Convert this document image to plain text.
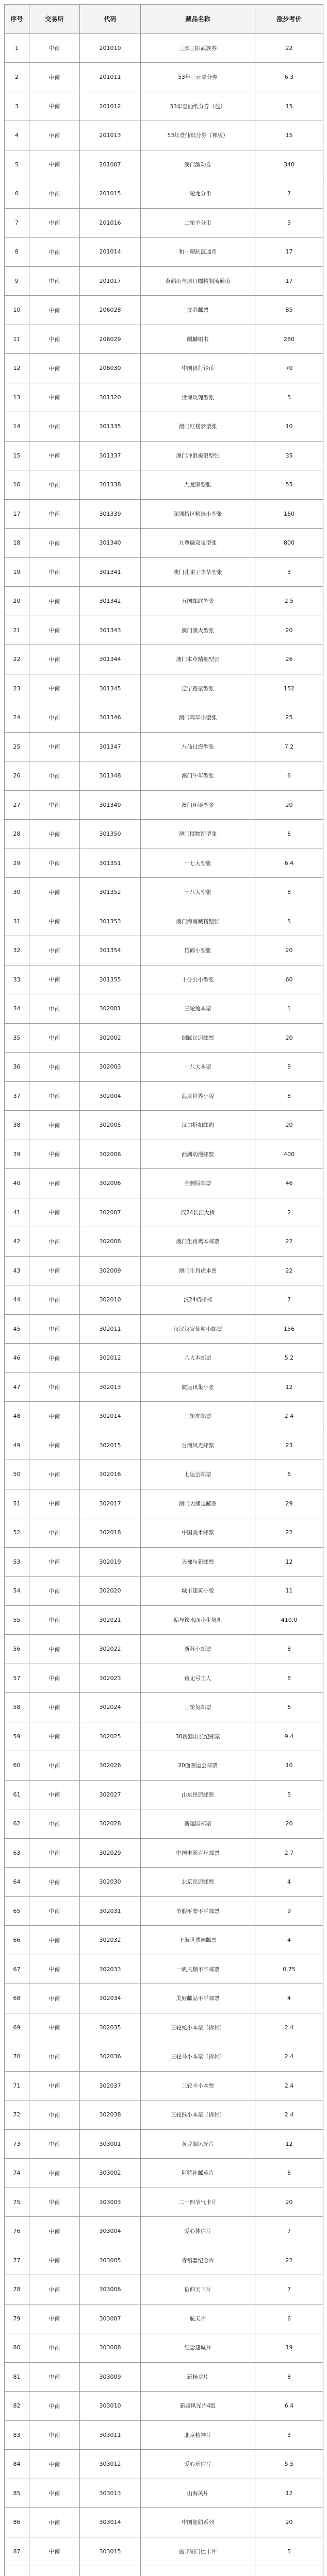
序号	交易所	代码	藏品名称	涨步考价
1	中南	201010	三款三阳武族券	22
2	中南	201011	53年三元壹分券	6.3
3	中南	201012	53年壹仙纸分券（包）	15
4	中南	201013	53年壹仙纸分券（裸版）	15
5	中南	201007	澳门激动券	340
6	中南	201015	一轮龙分币	7
7	中南	201016	二轮羊分币	5
8	中南	201014	和一精制流通币	17
9	中南	201017	黄鹤山与原日螺精制流通币	17
10	中南	206028	文彩邮票	85
11	中南	206029	麒麟铜书	280
12	中南	206030	中国银行钞币	70
13	中南	301320	世博玫瑰型张	5
14	中南	301335	澳门红楼梦型张	10
15	中南	301337	澳门冲浪极限型张	35
16	中南	301338	九龙壁型张	55
17	中南	301339	深圳特区精选小型张	160
18	中南	301340	九尊碗双宝型张	800
19	中南	301341	澳门孔雀王丰华型张	3
20	中南	301342	万国邮联型张	2.5
21	中南	301343	澳门澳大型张	20
22	中南	301344	澳门本草精细型张	26
23	中南	301345	辽宁路票型张	152
24	中南	301346	澳门鸡年小型张	25
25	中南	301347	八仙过海型张	7.2
26	中南	301348	澳门牛年型张	6
27	中南	301349	澳门环境型张	20
28	中南	301350	澳门博物馆型张	6
29	中南	301351	十七大型张	6.4
30	中南	301352	十八大型张	8
31	中南	301353	澳门海南藏精型张	5
32	中南	301354	岱鹤小型张	20
33	中南	301355	十分公小型张	60
34	中南	302001	三轮兔本票	1
35	中南	302002	细腻民居邮票	20
36	中南	302003	十八大本票	8
37	中南	302004	海底世界小版	8
38	中南	302005	汉口折扣邮购	20
39	中南	302006	西湖动漫邮票	400
40	中南	302006	金猴版邮票	46
41	中南	302007	汉24长江大桥	2
42	中南	302008	澳门生肖鸡本邮票	22
43	中南	302009	澳门生肖虎本票	22
44	中南	302010	汉24档邮邮	7
45	中南	302011	汉汉汉宣仙精小邮票	156
46	中南	302012	八大本邮票	5.2
47	中南	302013	航运讯集小张	12
48	中南	302014	三轮虎邮票	2.4
49	中南	302015	台湾风光邮票	23
50	中南	302016	七运会邮票	6
51	中南	302017	澳门大熊宝邮票	29
52	中南	302018	中国美术邮票	22
53	中南	302019	天梯与新邮票	12
54	中南	302020	城市建筑小版	11
55	中南	302021	编与饮水四小生境机	410.0
56	中南	302022	新苏小邮票	8
57	中南	302023	鱼无号工人	8
58	中南	302024	三轮兔邮票	6
59	中南	302025	30岳器山长纪邮票	9.4
60	中南	302026	20面图运会邮票	10
61	中南	302027	山东民居邮票	5
62	中南	302028	新运国邮票	20
63	中南	302029	中国电影百年邮票	2.7
64	中南	302030	北京民居邮票	4
65	中南	302031	节假平安不平邮票	9
66	中南	302032	上海世博园邮票	4
67	中南	302033	一帆风顺不平邮票	0.75
68	中南	302034	美好邮品不平邮票	4
69	中南	302035	三轮蛇小本票（拆付）	2.4
70	中南	302036	三轮马小本票（拆付）	2.4
71	中南	302037	三轮羊小本票	2.4
72	中南	302038	三轮猴小本票（拆付）	2.4
73	中南	303001	黄龙阁风光片	12
74	中南	303002	阿特社邮英片	6
75	中南	303003	二十四节气卡片	20
76	中南	303004	爱心体信片	7
77	中南	303005	青铜器纪念片	22
78	中南	303006	信仰天下片	7
79	中南	303007	航天片	6
80	中南	303008	纪念建城片	19
81	中南	303009	新杨龙片	8
82	中南	303010	新疆风光片4组	6.4
83	中南	303011	北京精神片	3
84	中南	303012	爱心乐信片	5.5
85	中南	303013	山海关片	12
86	中南	303014	中国船舶系列	20
87	中南	303015	施邦知门控卡片	5
